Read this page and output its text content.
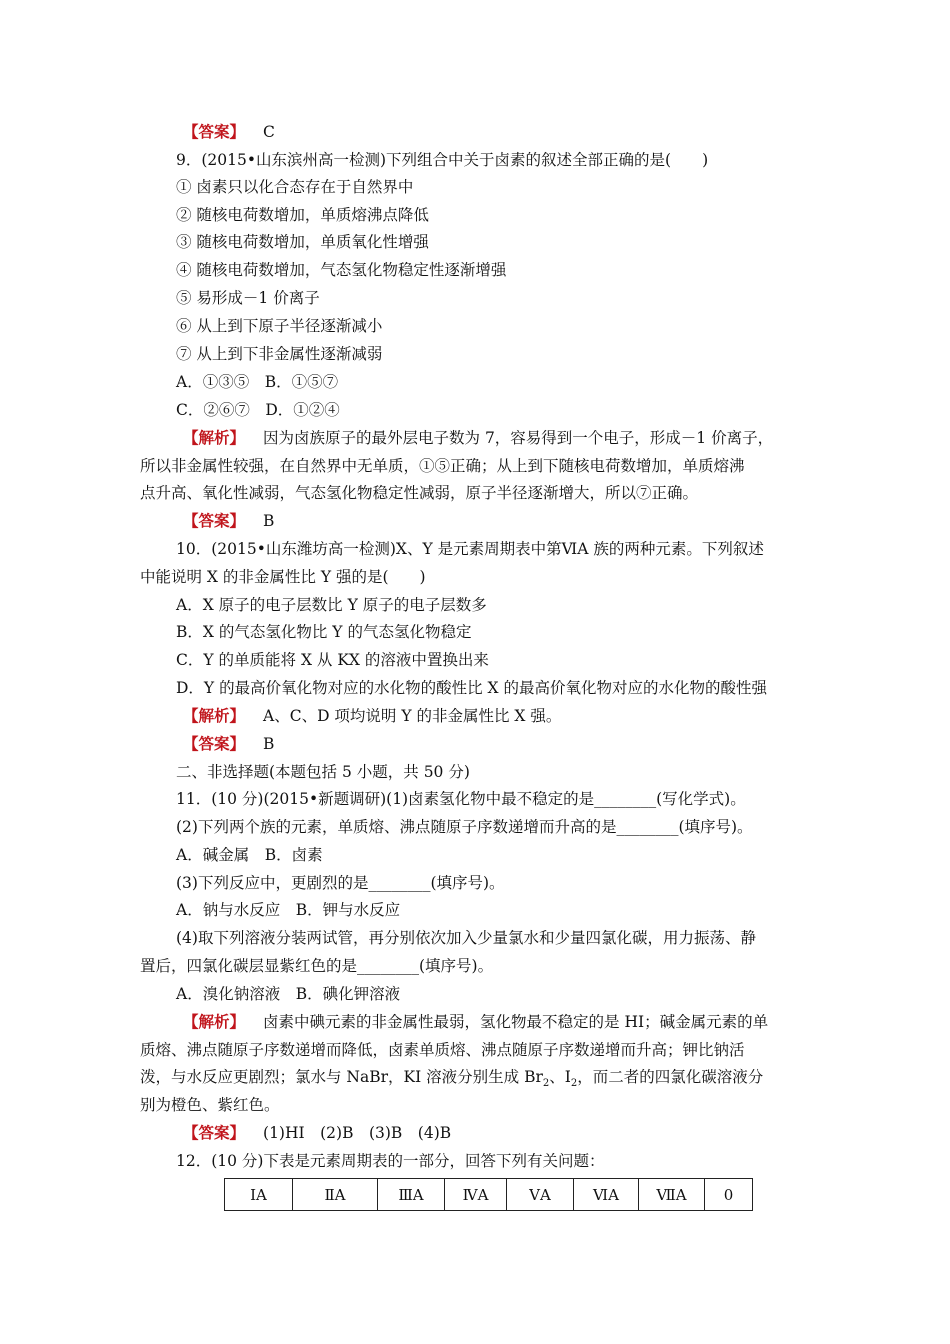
【答案】 C
9．(2015•山东滨州高一检测)下列组合中关于卤素的叙述全部正确的是(　　)
① 卤素只以化合态存在于自然界中
② 随核电荷数增加，单质熔沸点降低
③ 随核电荷数增加，单质氧化性增强
④ 随核电荷数增加，气态氢化物稳定性逐渐增强
⑤ 易形成－1 价离子
⑥ 从上到下原子半径逐渐减小
⑦ 从上到下非金属性逐渐减弱
A．①③⑤　B．①⑤⑦
C．②⑥⑦　D．①②④
【解析】 因为卤族原子的最外层电子数为 7，容易得到一个电子，形成－1 价离子，
所以非金属性较强，在自然界中无单质，①⑤正确；从上到下随核电荷数增加，单质熔沸
点升高、氧化性减弱，气态氢化物稳定性减弱，原子半径逐渐增大，所以⑦正确。
【答案】 B
10．(2015•山东潍坊高一检测)X、Y 是元素周期表中第ⅥA 族的两种元素。下列叙述
中能说明 X 的非金属性比 Y 强的是(　　)
A．X 原子的电子层数比 Y 原子的电子层数多
B．X 的气态氢化物比 Y 的气态氢化物稳定
C．Y 的单质能将 X 从 KX 的溶液中置换出来
D．Y 的最高价氧化物对应的水化物的酸性比 X 的最高价氧化物对应的水化物的酸性强
【解析】 A、C、D 项均说明 Y 的非金属性比 X 强。
【答案】 B
二、非选择题(本题包括 5 小题，共 50 分)
11．(10 分)(2015•新题调研)(1)卤素氢化物中最不稳定的是________(写化学式)。
(2)下列两个族的元素，单质熔、沸点随原子序数递增而升高的是________(填序号)。
A．碱金属　B．卤素
(3)下列反应中，更剧烈的是________(填序号)。
A．钠与水反应　B．钾与水反应
(4)取下列溶液分装两试管，再分别依次加入少量氯水和少量四氯化碳，用力振荡、静
置后，四氯化碳层显紫红色的是________(填序号)。
A．溴化钠溶液　B．碘化钾溶液
【解析】 卤素中碘元素的非金属性最弱，氢化物最不稳定的是 HI；碱金属元素的单
质熔、沸点随原子序数递增而降低，卤素单质熔、沸点随原子序数递增而升高；钾比钠活
泼，与水反应更剧烈；氯水与 NaBr，KI 溶液分别生成 $Br_2$、$I_2$，而二者的四氯化碳溶液分
别为橙色、紫红色。
【答案】 (1)HI　(2)B　(3)B　(4)B
12．(10 分)下表是元素周期表的一部分，回答下列有关问题：
ⅠA	ⅡA	ⅢA	ⅣA	ⅤA	ⅥA	ⅦA	0
